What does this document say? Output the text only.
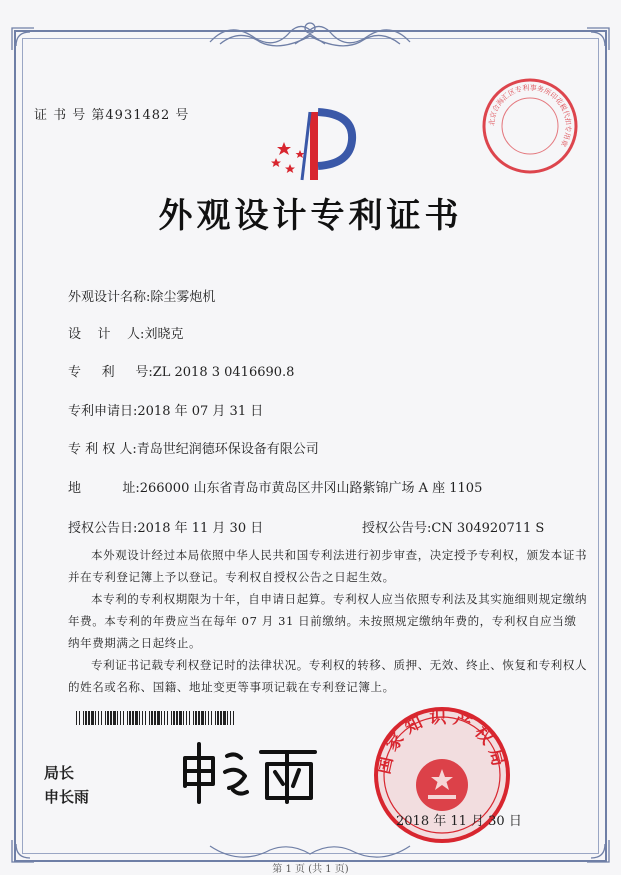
证 书 号 第4931482 号	北京合海汇区专利事务所印花税代扣专用章
外观设计专利证书
外观设计名称:除尘雾炮机
设    计    人:刘晓克
专     利     号:ZL 2018 3 0416690.8
专利申请日:2018 年 07 月 31 日
专 利 权 人:青岛世纪润德环保设备有限公司
地          址:266000 山东省青岛市黄岛区井冈山路紫锦广场 A 座 1105
授权公告日:2018 年 11 月 30 日	授权公告号:CN 304920711 S
本外观设计经过本局依照中华人民共和国专利法进行初步审查，决定授予专利权，颁发本证书并在专利登记簿上予以登记。专利权自授权公告之日起生效。
本专利的专利权期限为十年，自申请日起算。专利权人应当依照专利法及其实施细则规定缴纳年费。本专利的年费应当在每年 07 月 31 日前缴纳。未按照规定缴纳年费的，专利权自应当缴纳年费期满之日起终止。
专利证书记载专利权登记时的法律状况。专利权的转移、质押、无效、终止、恢复和专利权人的姓名或名称、国籍、地址变更等事项记载在专利登记簿上。
局长
申长雨
国家知识产权局
2018 年 11 月 30 日
第 1 页 (共 1 页)
